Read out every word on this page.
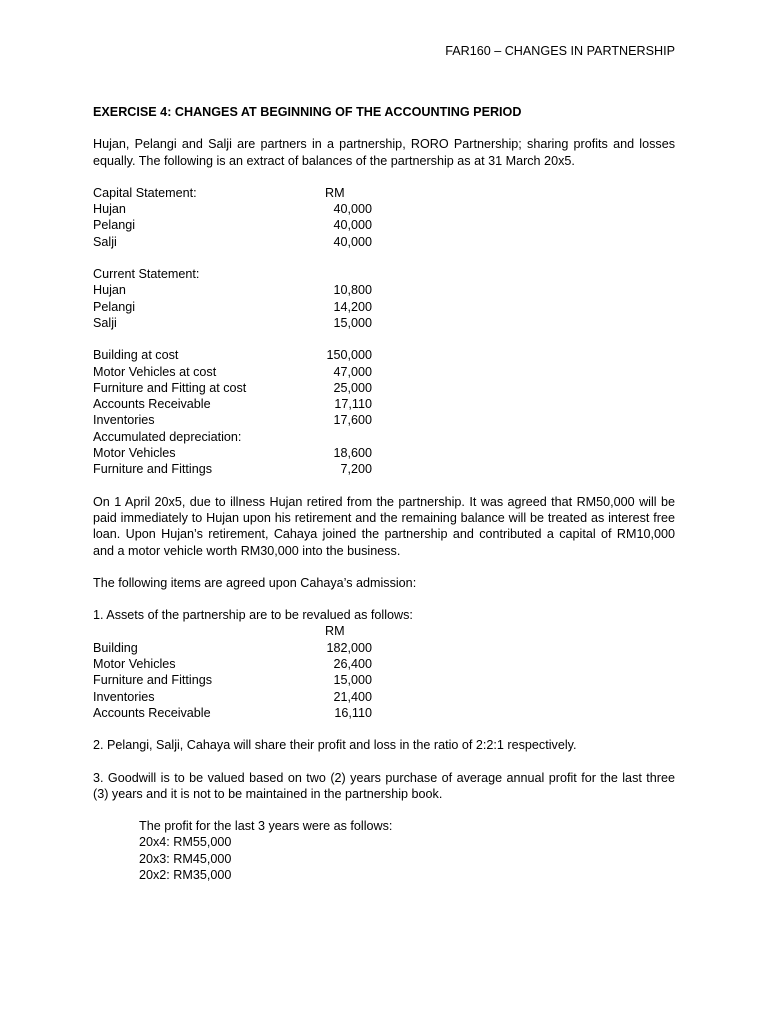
FAR160 – CHANGES IN PARTNERSHIP

EXERCISE 4: CHANGES AT BEGINNING OF THE ACCOUNTING PERIOD

Hujan, Pelangi and Salji are partners in a partnership, RORO Partnership; sharing profits and losses equally. The following is an extract of balances of the partnership as at 31 March 20x5.

Capital Statement:	RM
Hujan	40,000
Pelangi	40,000
Salji	40,000
Current Statement:
Hujan	10,800
Pelangi	14,200
Salji	15,000
Building at cost	150,000
Motor Vehicles at cost	47,000
Furniture and Fitting at cost	25,000
Accounts Receivable	17,110
Inventories	17,600
Accumulated depreciation:
Motor Vehicles	18,600
Furniture and Fittings	7,200

On 1 April 20x5, due to illness Hujan retired from the partnership. It was agreed that RM50,000 will be paid immediately to Hujan upon his retirement and the remaining balance will be treated as interest free loan. Upon Hujan’s retirement, Cahaya joined the partnership and contributed a capital of RM10,000 and a motor vehicle worth RM30,000 into the business.

The following items are agreed upon Cahaya’s admission:

1. Assets of the partnership are to be revalued as follows:

RM
Building	182,000
Motor Vehicles	26,400
Furniture and Fittings	15,000
Inventories	21,400
Accounts Receivable	16,110

2. Pelangi, Salji, Cahaya will share their profit and loss in the ratio of 2:2:1 respectively.

3. Goodwill is to be valued based on two (2) years purchase of average annual profit for the last three (3) years and it is not to be maintained in the partnership book.

The profit for the last 3 years were as follows:

20x4: RM55,000

20x3: RM45,000

20x2: RM35,000
